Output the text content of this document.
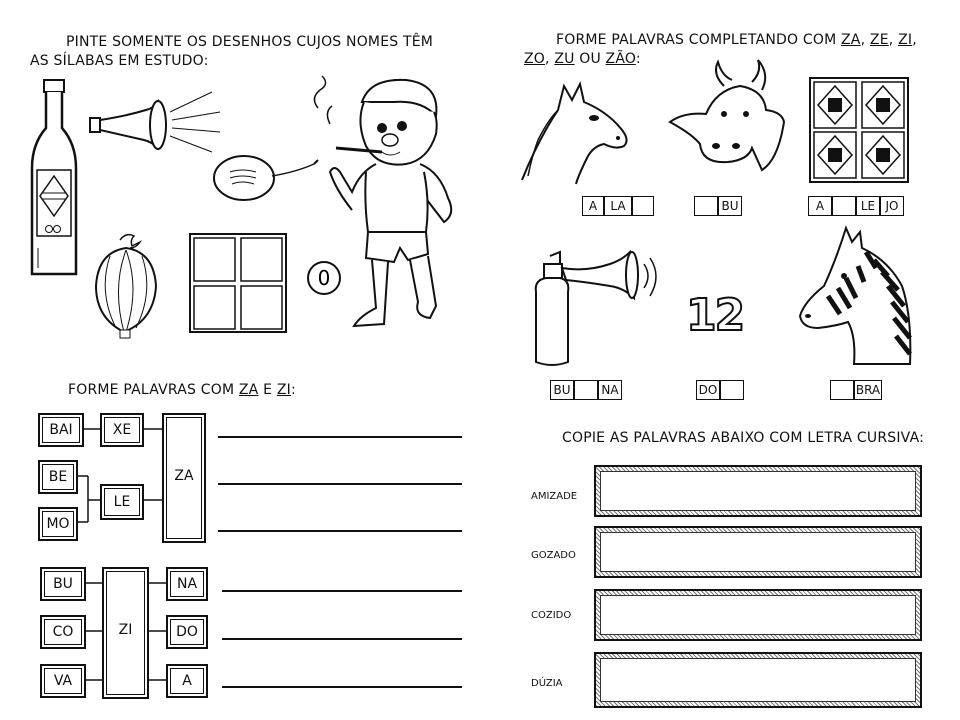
PINTE SOMENTE OS DESENHOS CUJOS NOMES TÊM
AS SÍLABAS EM ESTUDO:
0
FORME PALAVRAS COM ZA E ZI:
BAI
BE
MO
XE
LE
ZA
BU
CO
VA
ZI
NA
DO
A
FORME PALAVRAS COMPLETANDO COM ZA, ZE, ZI,
ZO, ZU OU ZÃO:
A	LA	BU	A	LE JO
12
BU	NA	DO	BRA
COPIE AS PALAVRAS ABAIXO COM LETRA CURSIVA:
AMIZADE
GOZADO
COZIDO
DÚZIA
